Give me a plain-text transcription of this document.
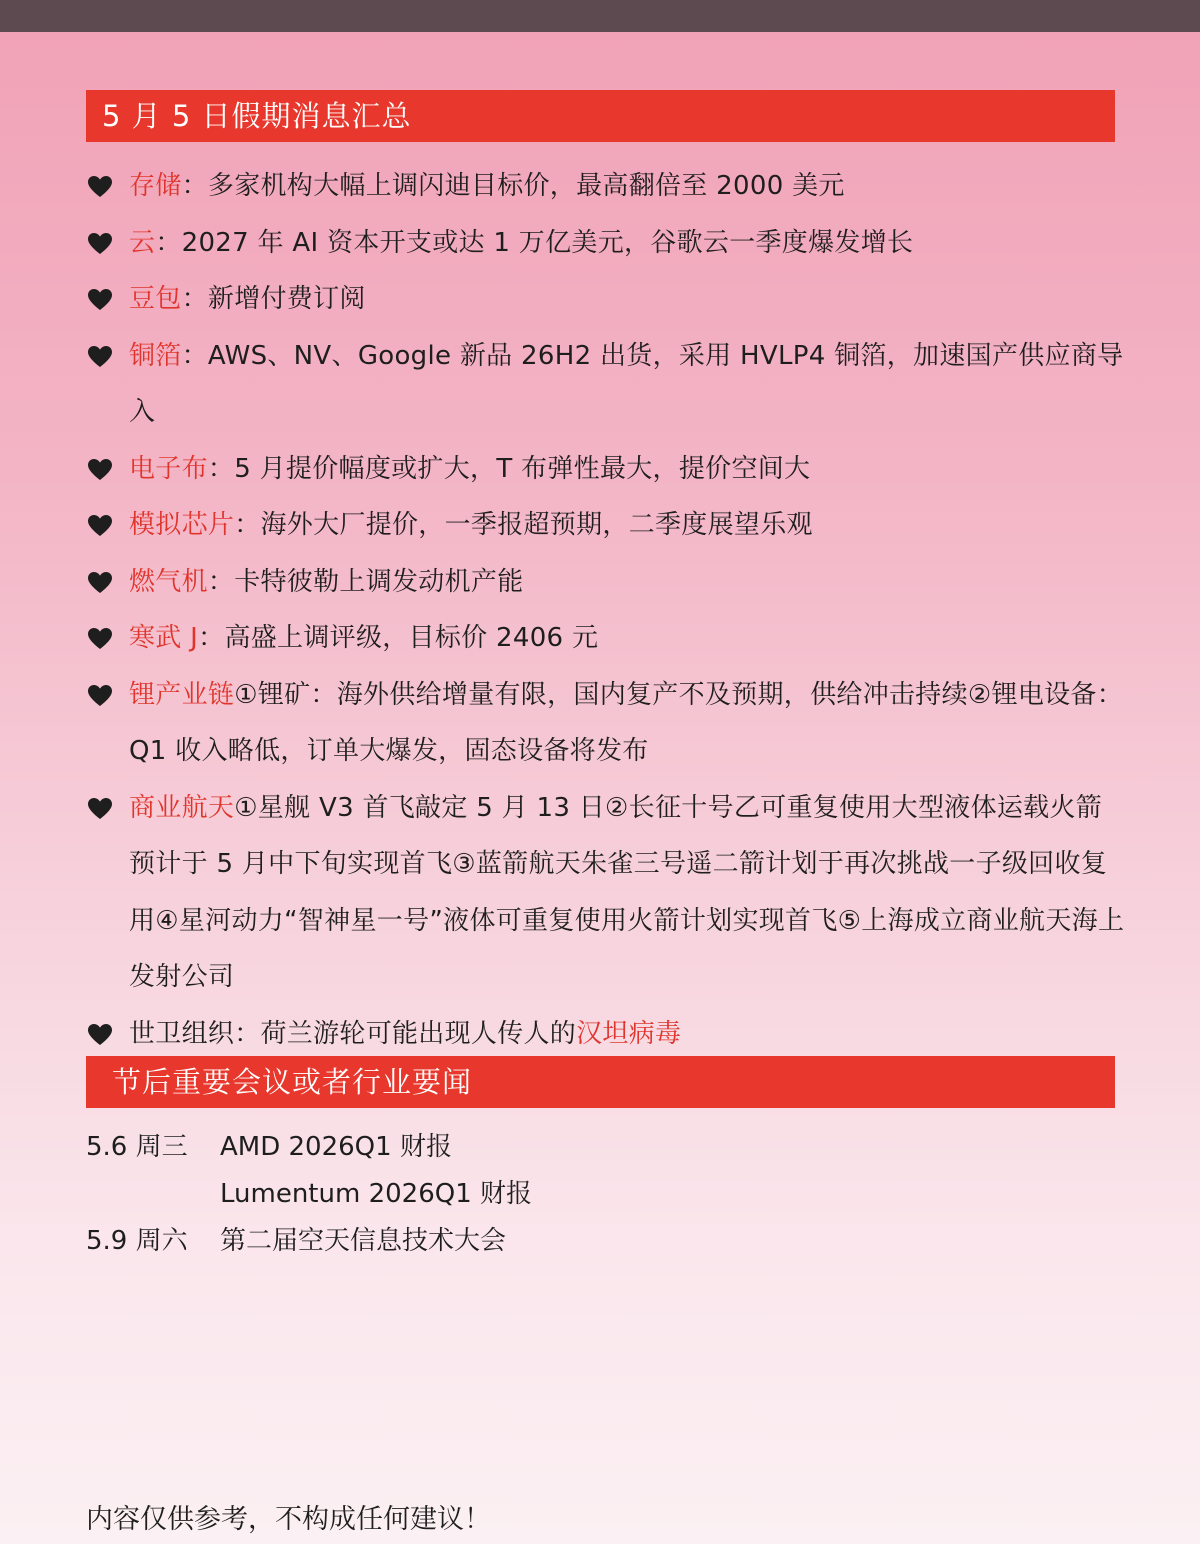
5 月 5 日假期消息汇总
存储：多家机构大幅上调闪迪目标价，最高翻倍至 2000 美元
云：2027 年 AI 资本开支或达 1 万亿美元，谷歌云一季度爆发增长
豆包：新增付费订阅
铜箔：AWS、NV、Google 新品 26H2 出货，采用 HVLP4 铜箔，加速国产供应商导入
电子布：5 月提价幅度或扩大，T 布弹性最大，提价空间大
模拟芯片：海外大厂提价，一季报超预期，二季度展望乐观
燃气机：卡特彼勒上调发动机产能
寒武 J：高盛上调评级，目标价 2406 元
锂产业链①锂矿：海外供给增量有限，国内复产不及预期，供给冲击持续②锂电设备：Q1 收入略低，订单大爆发，固态设备将发布
商业航天①星舰 V3 首飞敲定 5 月 13 日②长征十号乙可重复使用大型液体运载火箭预计于 5 月中下旬实现首飞③蓝箭航天朱雀三号遥二箭计划于再次挑战一子级回收复用④星河动力“智神星一号”液体可重复使用火箭计划实现首飞⑤上海成立商业航天海上发射公司
世卫组织：荷兰游轮可能出现人传人的汉坦病毒
节后重要会议或者行业要闻
5.6 周三 AMD 2026Q1 财报
Lumentum 2026Q1 财报
5.9 周六 第二届空天信息技术大会
内容仅供参考，不构成任何建议！
